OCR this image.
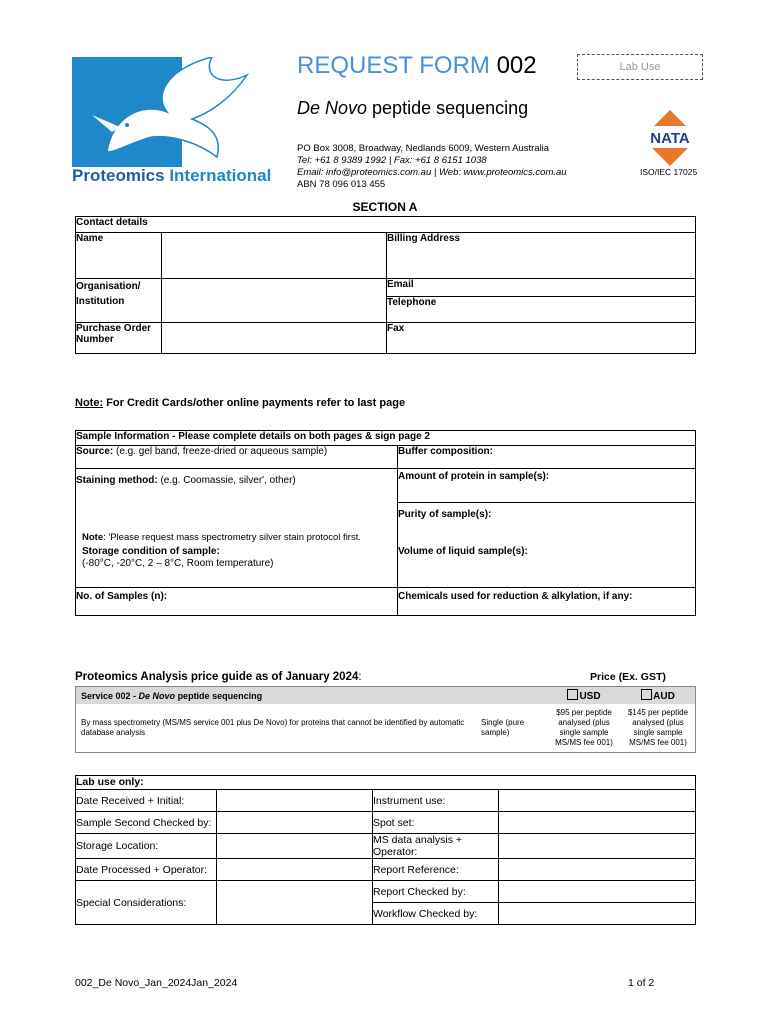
Proteomics International
REQUEST FORM 002	Lab Use
De Novo peptide sequencing
PO Box 3008, Broadway, Nedlands 6009, Western Australia
Tel: +61 8 9389 1992 | Fax: +61 8 6151 1038
Email: info@proteomics.com.au | Web: www.proteomics.com.au
ABN 78 096 013 455
NATA
ISO/IEC 17025
SECTION A
Contact details		
Name		Billing Address

Organisation/
Institution		Email
		Telephone

Purchase Order
Number		Fax
Note: For Credit Cards/other online payments refer to last page
Sample Information - Please complete details on both pages & sign page 2	
Source: (e.g. gel band, freeze-dried or aqueous sample)	Buffer composition:

Staining method: (e.g. Coomassie, silver', other)
Note: 'Please request mass spectrometry silver stain protocol first.
Storage condition of sample:
(-80°C, -20°C, 2 – 8°C, Room temperature)	Amount of protein in sample(s):

	Purity of sample(s):
Volume of liquid sample(s):

No. of Samples (n):	Chemicals used for reduction & alkylation, if any:
Proteomics Analysis price guide as of January 2024:	Price (Ex. GST)
Service 002 - De Novo peptide sequencing		USD	AUD
By mass spectrometry (MS/MS service 001 plus De Novo) for proteins that cannot be identified by automatic database analysis	Single (pure sample)	$95 per peptide analysed (plus single sample MS/MS fee 001)	$145 per peptide analysed (plus single sample MS/MS fee 001)
Lab use only:			
Date Received + Initial:		Instrument use:	
Sample Second Checked by:		Spot set:	
Storage Location:		MS data analysis + Operator:	
Date Processed + Operator:		Report Reference:	
Special Considerations:		Report Checked by:	
		Workflow Checked by:	
002_De Novo_Jan_2024Jan_2024	1 of 2
